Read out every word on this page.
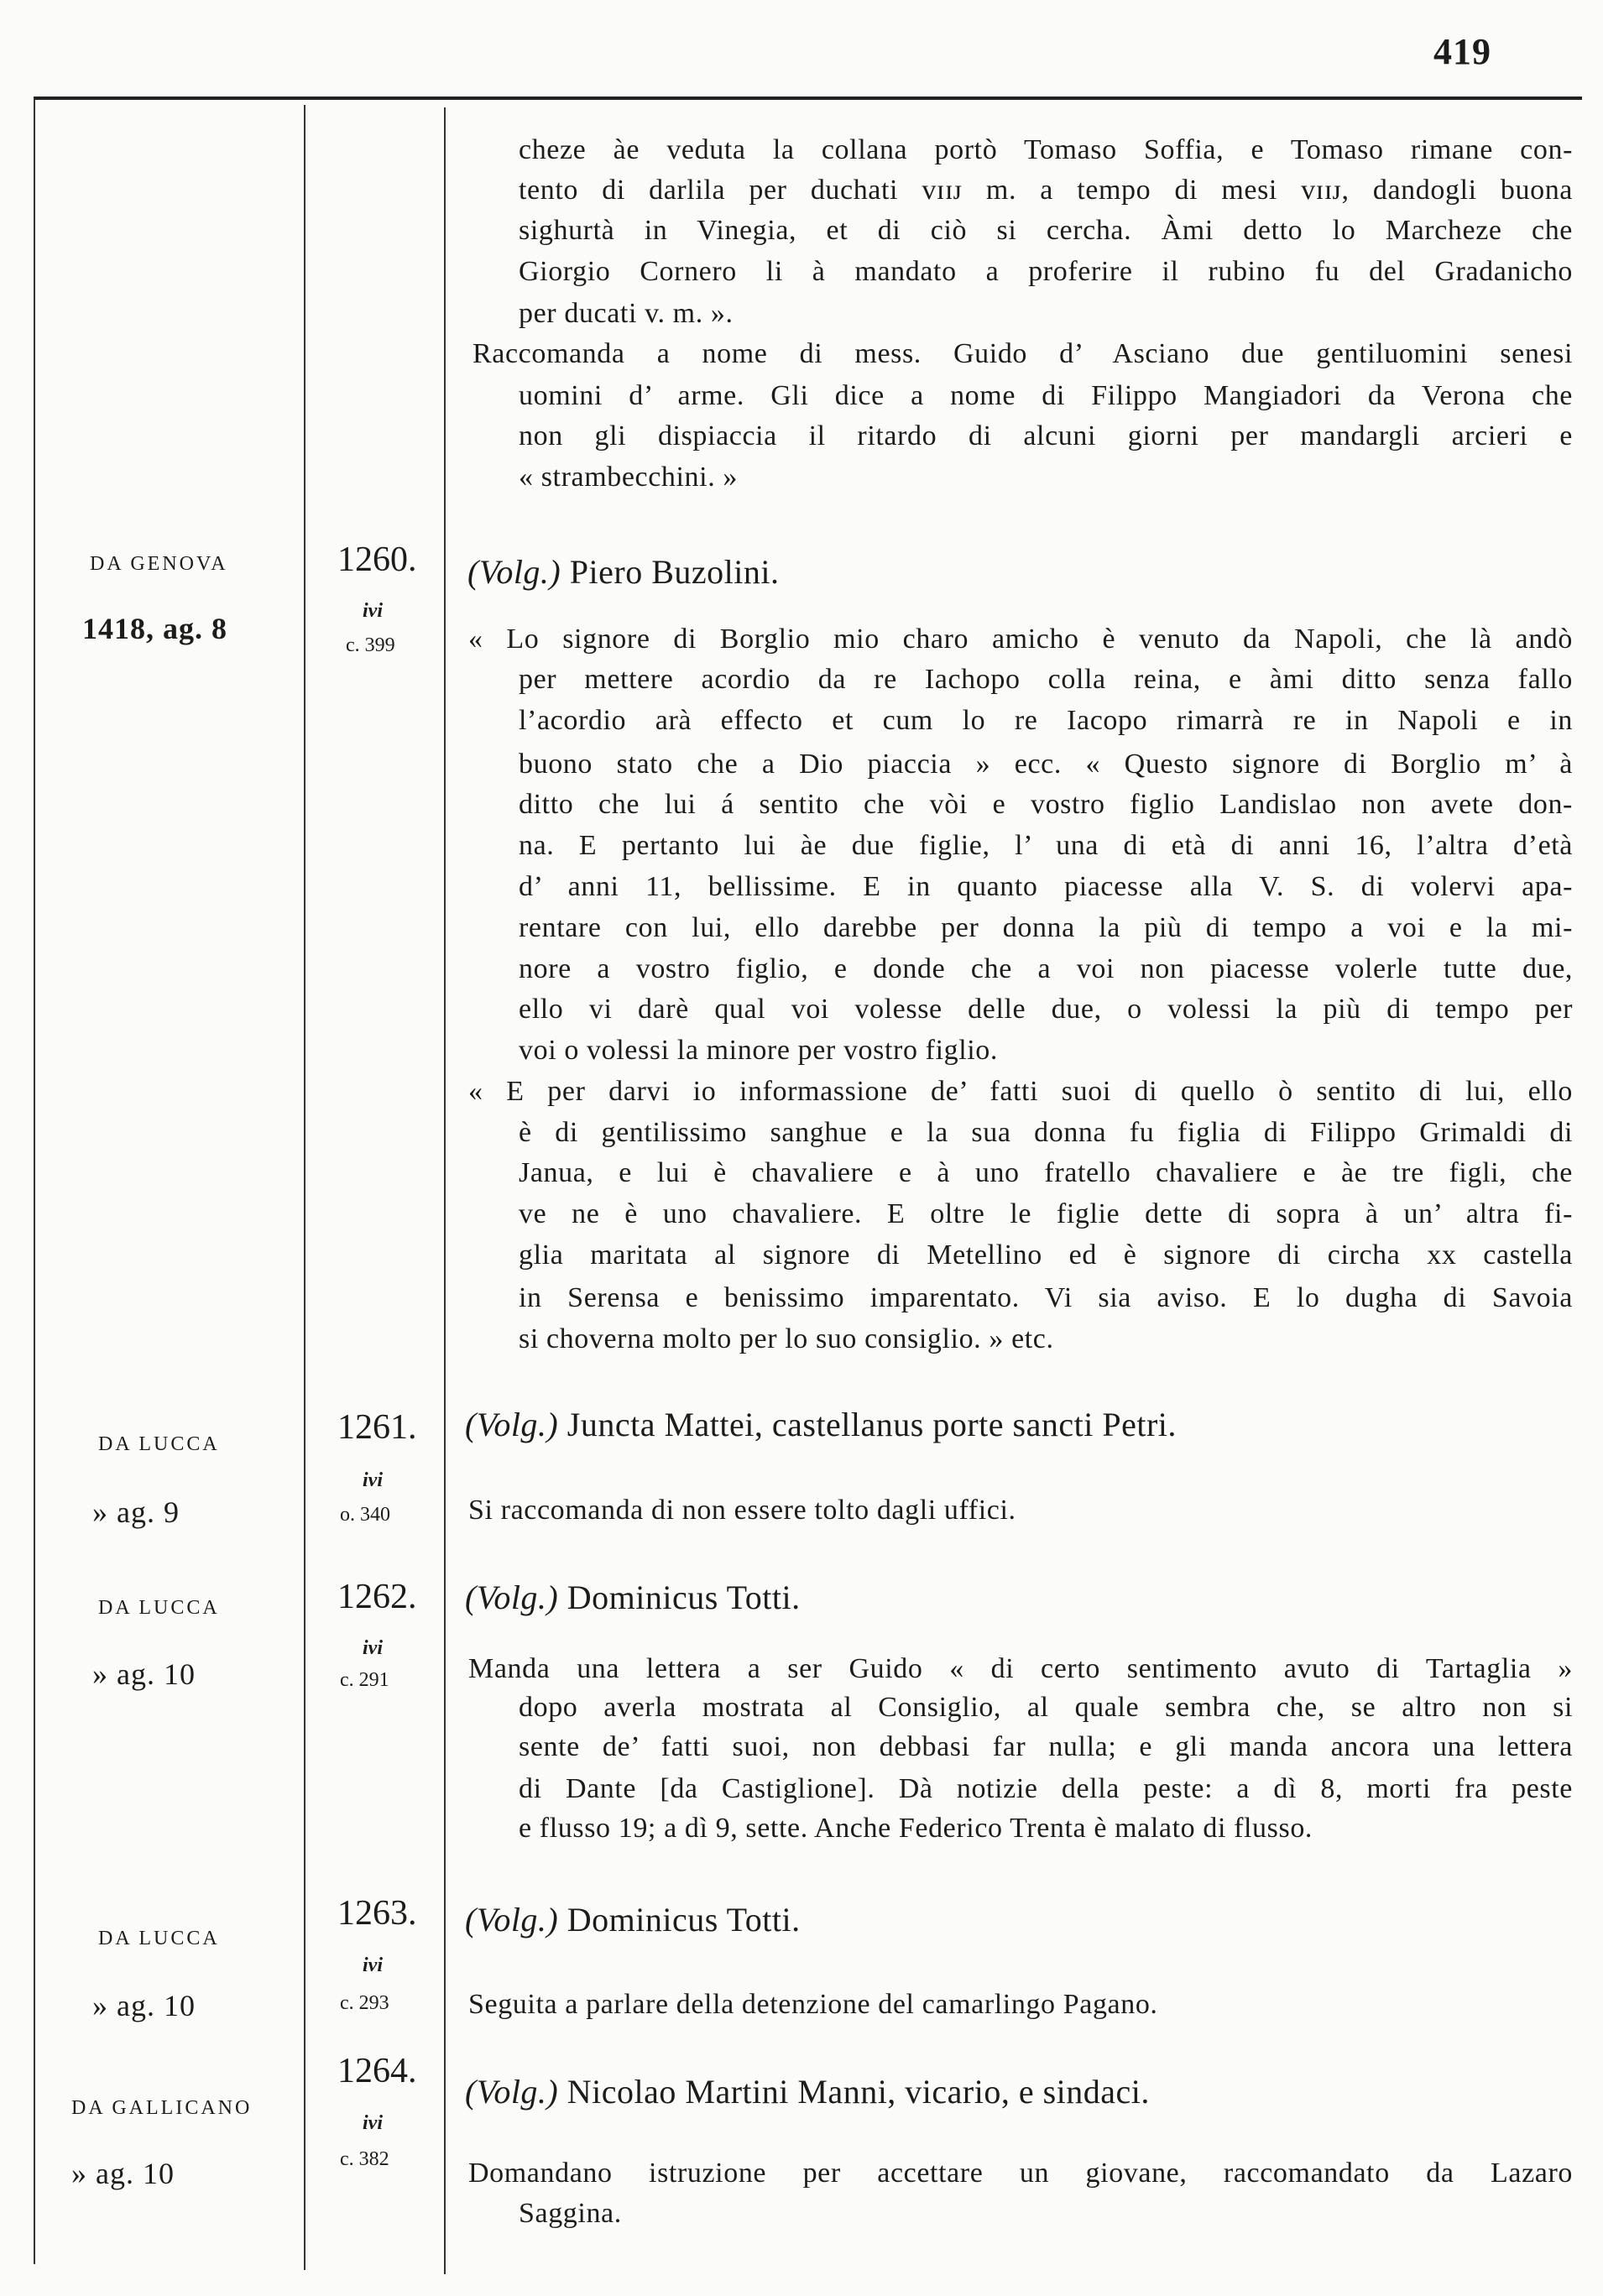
419
cheze àe veduta la collana portò Tomaso Soffia, e Tomaso rimane con-
tento di darlila per duchati vɪɪᴊ m. a tempo di mesi vɪɪᴊ, dandogli buona
sighurtà in Vinegia, et di ciò si cercha. Àmi detto lo Marcheze che
Giorgio Cornero li à mandato a proferire il rubino fu del Gradanicho
per ducati v. m. ».
Raccomanda a nome di mess. Guido d’ Asciano due gentiluomini senesi
uomini d’ arme. Gli dice a nome di Filippo Mangiadori da Verona che
non gli dispiaccia il ritardo di alcuni giorni per mandargli arcieri e
« strambecchini. »
DA GENOVA
1418, ag. 8
1260.
ivi
c. 399
(Volg.) Piero Buzolini.
« Lo signore di Borglio mio charo amicho è venuto da Napoli, che là andò
per mettere acordio da re Iachopo colla reina, e àmi ditto senza fallo
l’acordio arà effecto et cum lo re Iacopo rimarrà re in Napoli e in
buono stato che a Dio piaccia » ecc. « Questo signore di Borglio m’ à
ditto che lui á sentito che vòi e vostro figlio Landislao non avete don-
na. E pertanto lui àe due figlie, l’ una di età di anni 16, l’altra d’età
d’ anni 11, bellissime. E in quanto piacesse alla V. S. di volervi apa-
rentare con lui, ello darebbe per donna la più di tempo a voi e la mi-
nore a vostro figlio, e donde che a voi non piacesse volerle tutte due,
ello vi darè qual voi volesse delle due, o volessi la più di tempo per
voi o volessi la minore per vostro figlio.
« E per darvi io informassione de’ fatti suoi di quello ò sentito di lui, ello
è di gentilissimo sanghue e la sua donna fu figlia di Filippo Grimaldi di
Janua, e lui è chavaliere e à uno fratello chavaliere e àe tre figli, che
ve ne è uno chavaliere. E oltre le figlie dette di sopra à un’ altra fi-
glia maritata al signore di Metellino ed è signore di circha xx castella
in Serensa e benissimo imparentato. Vi sia aviso. E lo dugha di Savoia
si choverna molto per lo suo consiglio. » etc.
DA LUCCA
» ag. 9
1261.
ivi
o. 340
(Volg.) Juncta Mattei, castellanus porte sancti Petri.
Si raccomanda di non essere tolto dagli uffici.
DA LUCCA
» ag. 10
1262.
ivi
c. 291
(Volg.) Dominicus Totti.
Manda una lettera a ser Guido « di certo sentimento avuto di Tartaglia »
dopo averla mostrata al Consiglio, al quale sembra che, se altro non si
sente de’ fatti suoi, non debbasi far nulla; e gli manda ancora una lettera
di Dante [da Castiglione]. Dà notizie della peste: a dì 8, morti fra peste
e flusso 19; a dì 9, sette. Anche Federico Trenta è malato di flusso.
DA LUCCA
» ag. 10
1263.
ivi
c. 293
(Volg.) Dominicus Totti.
Seguita a parlare della detenzione del camarlingo Pagano.
DA GALLICANO
» ag. 10
1264.
ivi
c. 382
(Volg.) Nicolao Martini Manni, vicario, e sindaci.
Domandano istruzione per accettare un giovane, raccomandato da Lazaro
Saggina.
